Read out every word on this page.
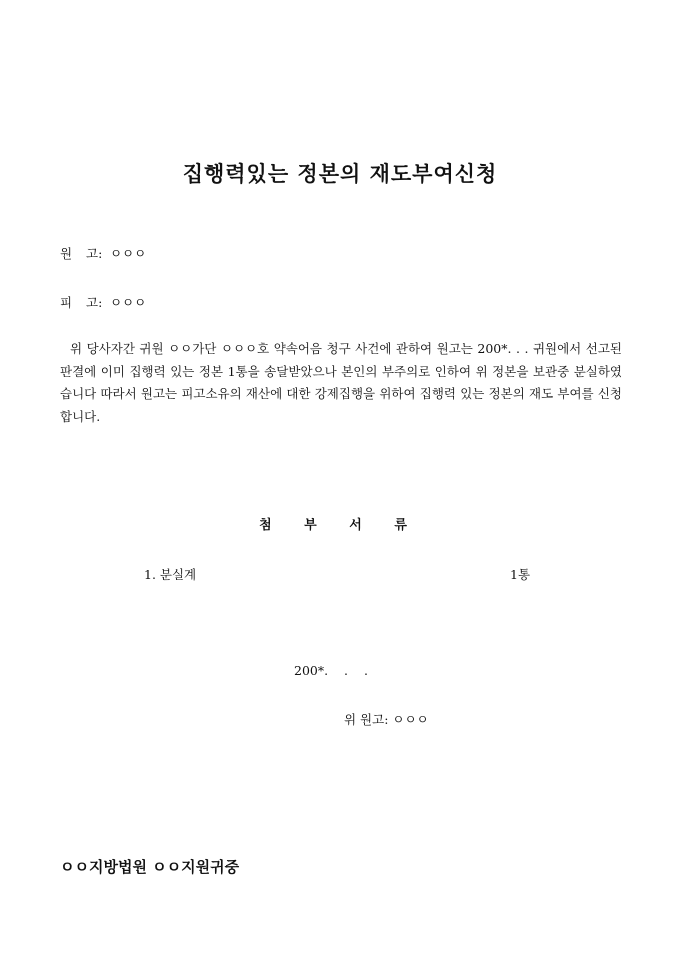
집행력있는 정본의 재도부여신청
원 고: ㅇㅇㅇ
피 고: ㅇㅇㅇ
위 당사자간 귀원 ㅇㅇ가단 ㅇㅇㅇ호 약속어음 청구 사건에 관하여 원고는 200*. . . 귀원에서 선고된 판결에 이미 집행력 있는 정본 1통을 송달받았으나 본인의 부주의로 인하여 위 정본을 보관중 분실하였습니다 따라서 원고는 피고소유의 재산에 대한 강제집행을 위하여 집행력 있는 정본의 재도 부여를 신청합니다.
첨 부 서 류
1. 분실계	1통
200*. . .
위 원고: ㅇㅇㅇ
ㅇㅇ지방법원 ㅇㅇ지원귀중
